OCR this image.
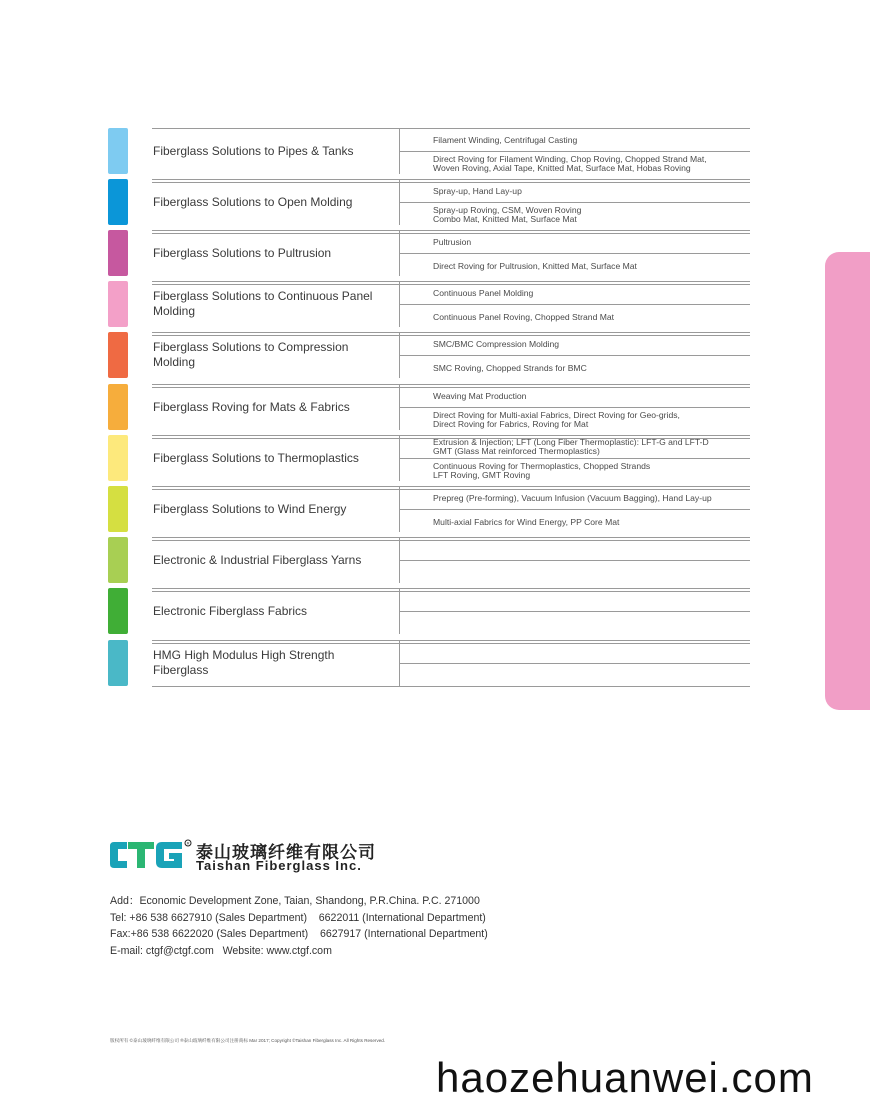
Fiberglass Solutions to Pipes & Tanks
Filament Winding, Centrifugal Casting
Direct Roving for Filament Winding, Chop Roving, Chopped Strand Mat,
Woven Roving, Axial Tape, Knitted Mat, Surface Mat, Hobas Roving
Fiberglass Solutions to Open Molding
Spray-up, Hand Lay-up
Spray-up Roving, CSM, Woven Roving
Combo Mat, Knitted Mat, Surface Mat
Fiberglass Solutions to Pultrusion
Pultrusion
Direct Roving for Pultrusion, Knitted Mat, Surface Mat
Fiberglass Solutions to Continuous Panel Molding
Continuous Panel Molding
Continuous Panel Roving, Chopped Strand Mat
Fiberglass Solutions to Compression Molding
SMC/BMC Compression Molding
SMC Roving, Chopped Strands for BMC
Fiberglass Roving for Mats & Fabrics
Weaving Mat Production
Direct Roving for Multi-axial Fabrics, Direct Roving for Geo-grids,
Direct Roving for Fabrics, Roving for Mat
Fiberglass Solutions to Thermoplastics
Extrusion & Injection; LFT (Long Fiber Thermoplastic): LFT-G and LFT-D
GMT (Glass Mat reinforced Thermoplastics)
Continuous Roving for Thermoplastics, Chopped Strands
LFT Roving, GMT Roving
Fiberglass Solutions to Wind Energy
Prepreg (Pre-forming), Vacuum Infusion (Vacuum Bagging), Hand Lay-up
Multi-axial Fabrics for Wind Energy, PP Core Mat
Electronic & Industrial Fiberglass Yarns
Electronic Fiberglass Fabrics
HMG High Modulus High Strength Fiberglass
R 泰山玻璃纤维有限公司
Taishan Fiberglass Inc.
Add：Economic Development Zone, Taian, Shandong, P.R.China. P.C. 271000
Tel: +86 538 6627910 (Sales Department)    6622011 (International Department)
Fax:+86 538 6622020 (Sales Department)    6627917 (International Department)
E-mail: ctgf@ctgf.com   Website: www.ctgf.com
版权所有 ©泰山玻璃纤维有限公司 ®泰山玻璃纤维有限公司注册商标 Mar 2017; Copyright ©Taishan Fiberglass Inc. All Rights Reserved.
haozehuanwei.com
